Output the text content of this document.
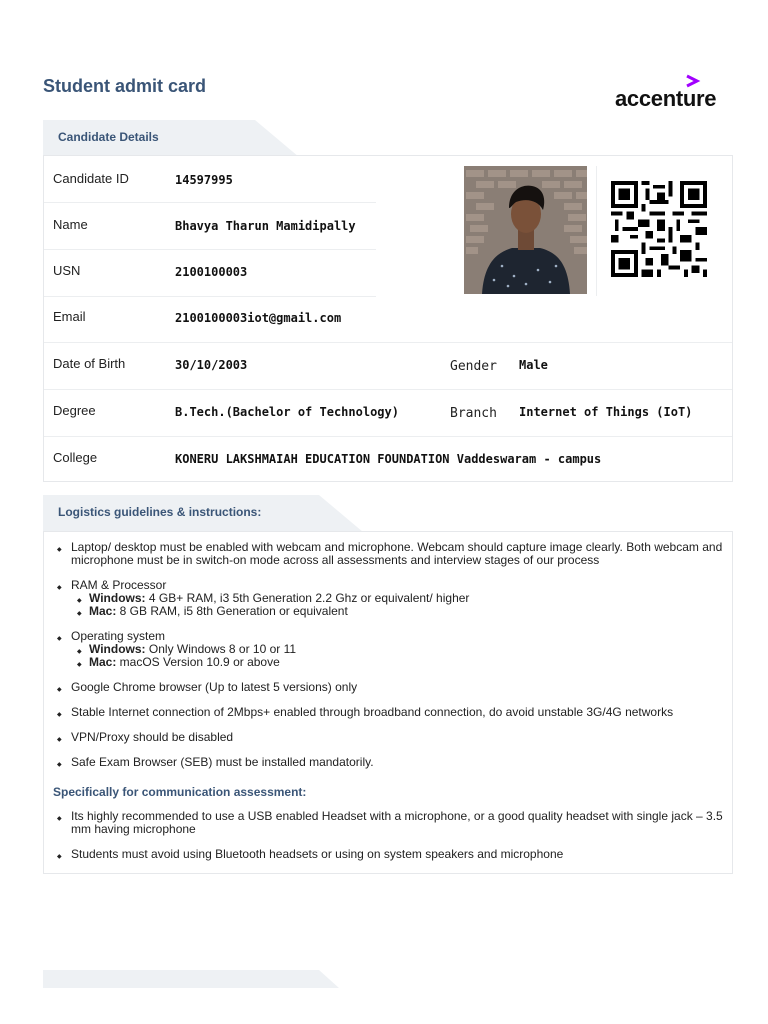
Student admit card	accenture
Candidate Details
Candidate ID	14597995
Name	Bhavya Tharun Mamidipally
USN	2100100003
Email	2100100003iot@gmail.com
Date of Birth	30/10/2003	Gender Male
Degree	B.Tech.(Bachelor of Technology)	Branch Internet of Things (IoT)
College	KONERU LAKSHMAIAH EDUCATION FOUNDATION Vaddeswaram - campus
Logistics guidelines & instructions:
◆ Laptop/ desktop must be enabled with webcam and microphone. Webcam should capture image clearly. Both webcam and microphone must be in switch-on mode across all assessments and interview stages of our process
◆ RAM & Processor
◆ Windows: 4 GB+ RAM, i3 5th Generation 2.2 Ghz or equivalent/ higher
◆ Mac: 8 GB RAM, i5 8th Generation or equivalent
◆ Operating system
◆ Windows: Only Windows 8 or 10 or 11
◆ Mac: macOS Version 10.9 or above
◆ Google Chrome browser (Up to latest 5 versions) only
◆ Stable Internet connection of 2Mbps+ enabled through broadband connection, do avoid unstable 3G/4G networks
◆ VPN/Proxy should be disabled
◆ Safe Exam Browser (SEB) must be installed mandatorily.
Specifically for communication assessment:
◆ Its highly recommended to use a USB enabled Headset with a microphone, or a good quality headset with single jack – 3.5 mm having microphone
◆ Students must avoid using Bluetooth headsets or using on system speakers and microphone
